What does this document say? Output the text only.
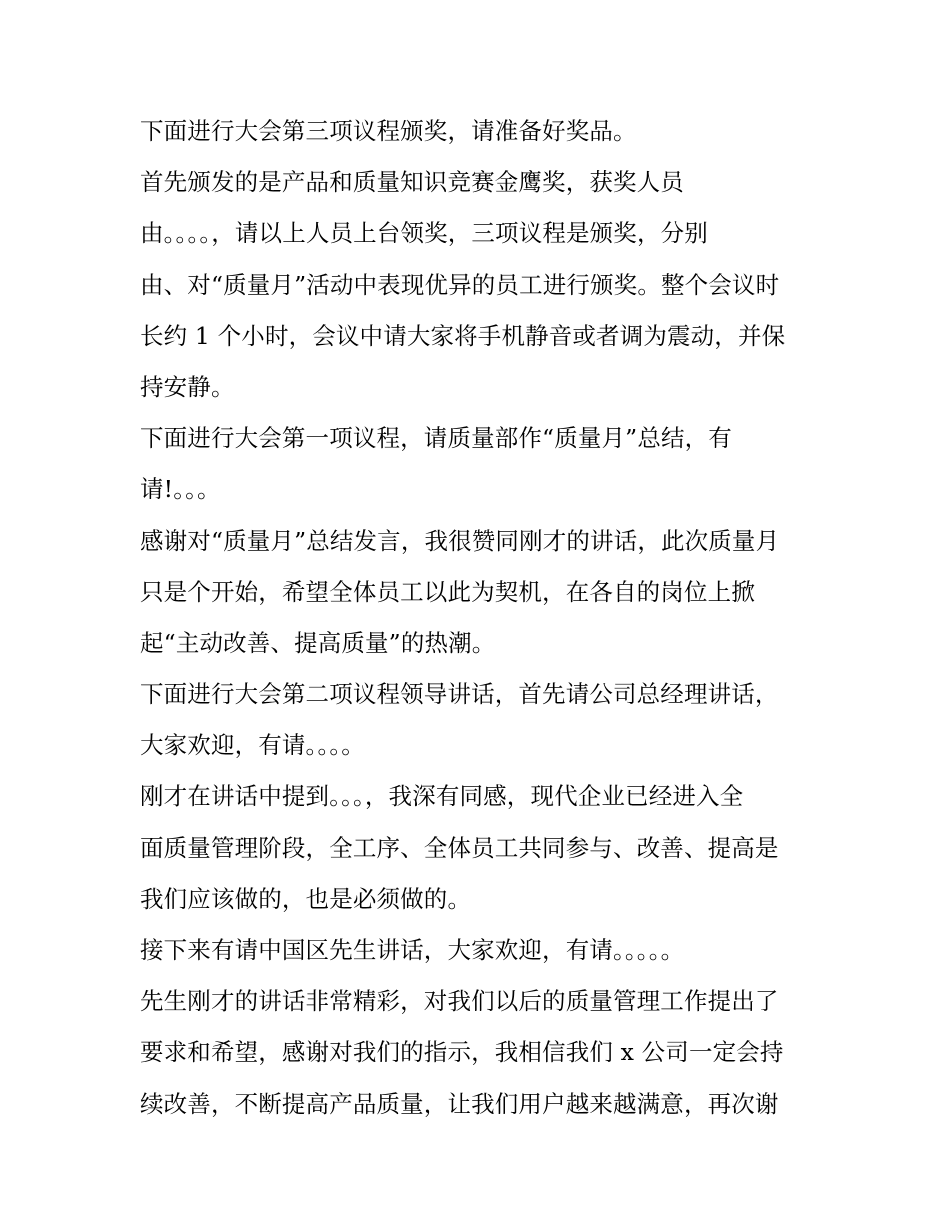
下面进行大会第三项议程颁奖，请准备好奖品。

首先颁发的是产品和质量知识竞赛金鹰奖，获奖人员

由。。。。，请以上人员上台领奖，三项议程是颁奖，分别

由、对“质量月”活动中表现优异的员工进行颁奖。整个会议时

长约 1 个小时，会议中请大家将手机静音或者调为震动，并保

持安静。

下面进行大会第一项议程，请质量部作“质量月”总结，有

请!。。。

感谢对“质量月”总结发言，我很赞同刚才的讲话，此次质量月

只是个开始，希望全体员工以此为契机，在各自的岗位上掀

起“主动改善、提高质量”的热潮。

下面进行大会第二项议程领导讲话，首先请公司总经理讲话，

大家欢迎，有请。。。。

刚才在讲话中提到。。。，我深有同感，现代企业已经进入全

面质量管理阶段，全工序、全体员工共同参与、改善、提高是

我们应该做的，也是必须做的。

接下来有请中国区先生讲话，大家欢迎，有请。。。。。

先生刚才的讲话非常精彩，对我们以后的质量管理工作提出了

要求和希望，感谢对我们的指示，我相信我们 x 公司一定会持

续改善，不断提高产品质量，让我们用户越来越满意，再次谢
